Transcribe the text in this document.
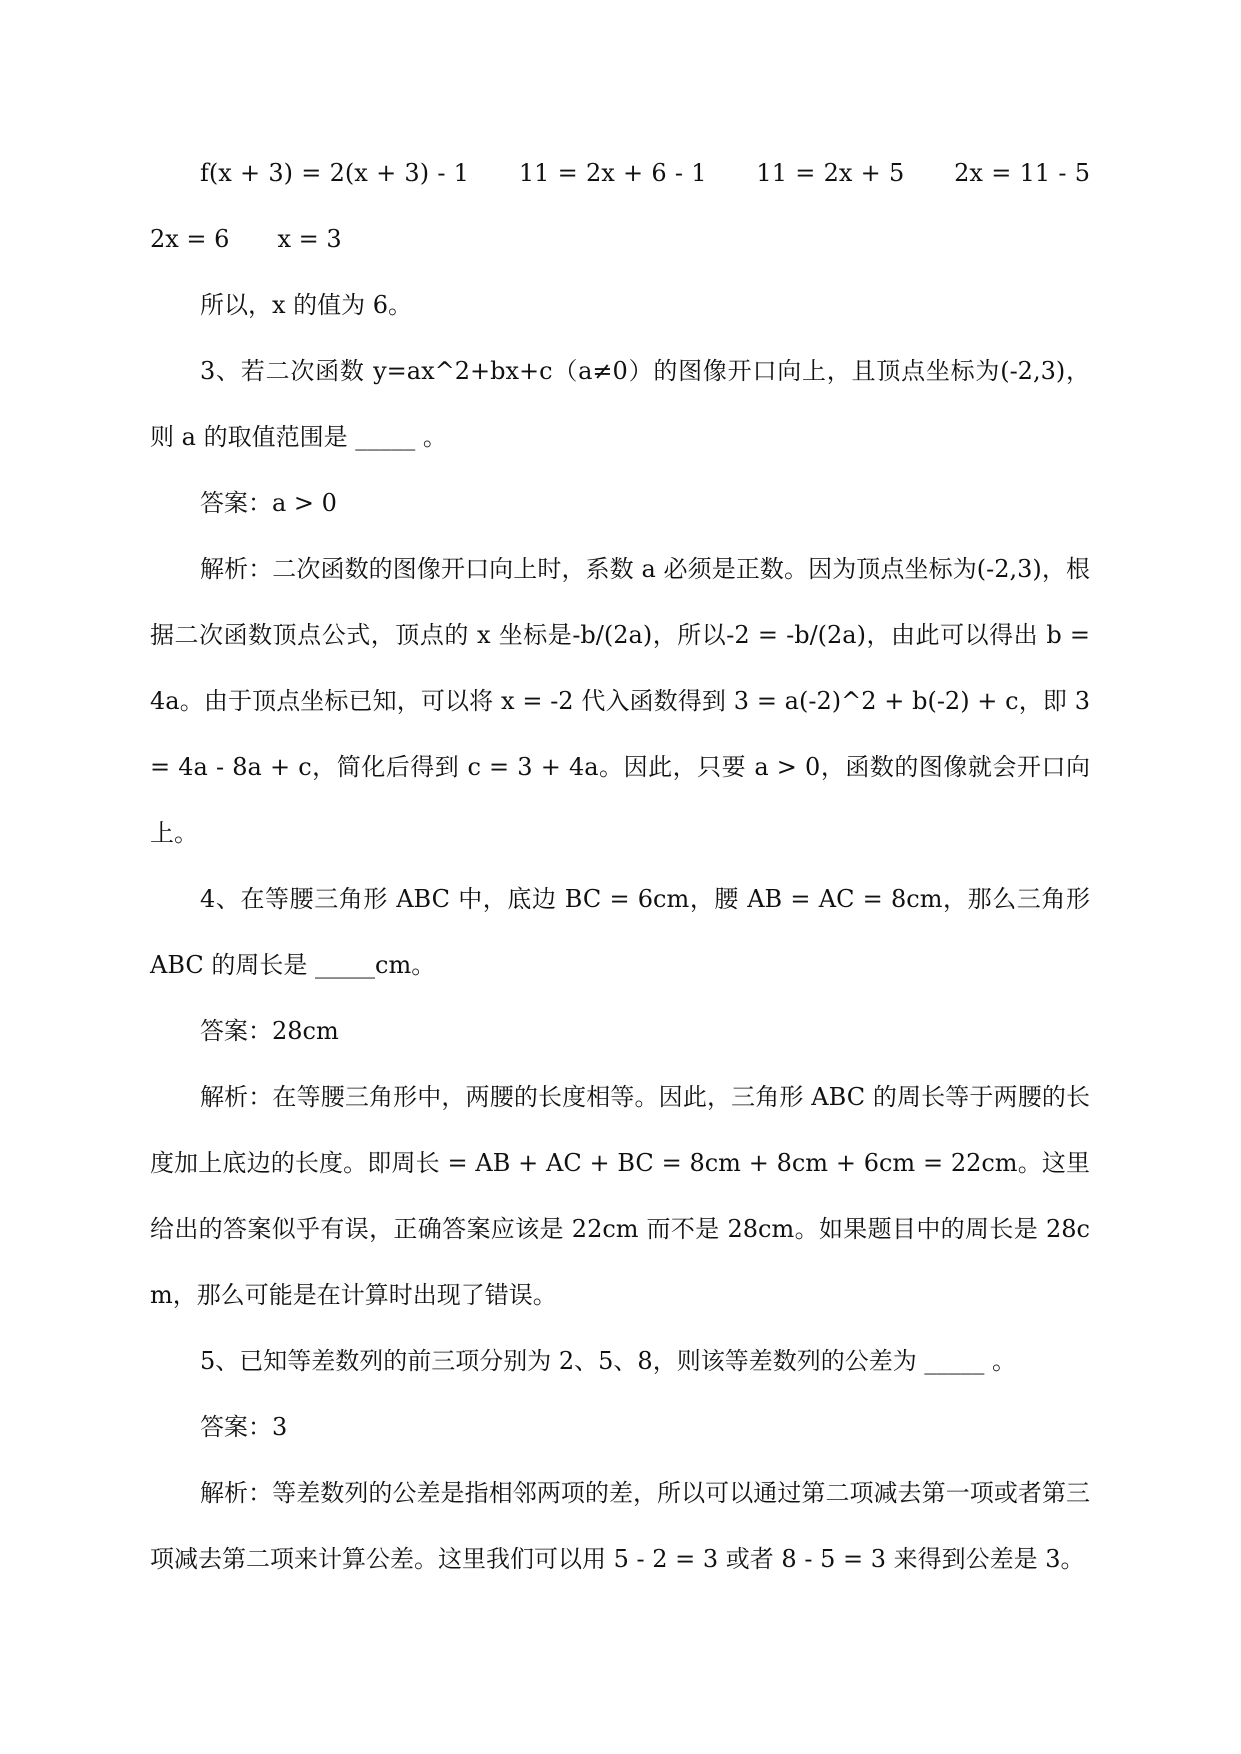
f(x + 3) = 2(x + 3) - 1　　11 = 2x + 6 - 1　　11 = 2x + 5　　2x = 11 - 5　　2x = 6　　x = 3

所以，x 的值为 6。

3、若二次函数 y=ax^2+bx+c（a≠0）的图像开口向上，且顶点坐标为(-2,3)，则 a 的取值范围是 _____ 。

答案：a > 0

解析：二次函数的图像开口向上时，系数 a 必须是正数。因为顶点坐标为(-2,3)，根据二次函数顶点公式，顶点的 x 坐标是-b/(2a)，所以-2 = -b/(2a)，由此可以得出 b = 4a。由于顶点坐标已知，可以将 x = -2 代入函数得到 3 = a(-2)^2 + b(-2) + c，即 3 = 4a - 8a + c，简化后得到 c = 3 + 4a。因此，只要 a > 0，函数的图像就会开口向上。

4、在等腰三角形 ABC 中，底边 BC = 6cm，腰 AB = AC = 8cm，那么三角形 ABC 的周长是 _____cm。

答案：28cm

解析：在等腰三角形中，两腰的长度相等。因此，三角形 ABC 的周长等于两腰的长度加上底边的长度。即周长 = AB + AC + BC = 8cm + 8cm + 6cm = 22cm。这里给出的答案似乎有误，正确答案应该是 22cm 而不是 28cm。如果题目中的周长是 28cm，那么可能是在计算时出现了错误。

5、已知等差数列的前三项分别为 2、5、8，则该等差数列的公差为 _____ 。

答案：3

解析：等差数列的公差是指相邻两项的差，所以可以通过第二项减去第一项或者第三项减去第二项来计算公差。这里我们可以用 5 - 2 = 3 或者 8 - 5 = 3 来得到公差是 3。
